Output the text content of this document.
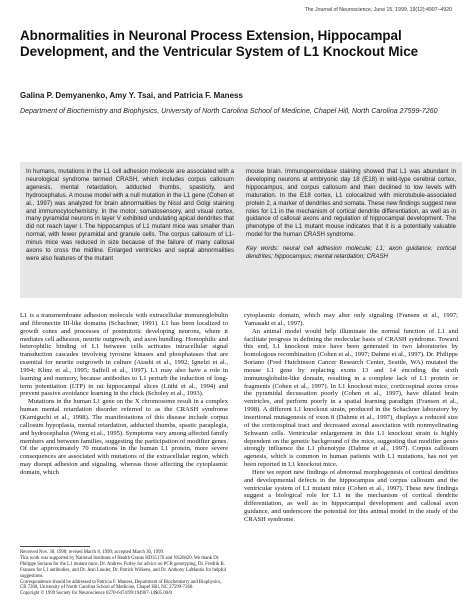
The Journal of Neuroscience, June 15, 1999, 19(12):4907–4920
Abnormalities in Neuronal Process Extension, Hippocampal Development, and the Ventricular System of L1 Knockout Mice
Galina P. Demyanenko, Amy Y. Tsai, and Patricia F. Maness
Department of Biochemistry and Biophysics, University of North Carolina School of Medicine, Chapel Hill, North Carolina 27599-7260
In humans, mutations in the L1 cell adhesion molecule are associated with a neurological syndrome termed CRASH, which includes corpus callosum agenesis, mental retardation, adducted thumbs, spasticity, and hydrocephalus. A mouse model with a null mutation in the L1 gene (Cohen et al., 1997) was analyzed for brain abnormalities by Nissl and Golgi staining and immunocytochemistry. In the motor, somatosensory, and visual cortex, many pyramidal neurons in layer V exhibited undulating apical dendrites that did not reach layer I. The hippocampus of L1 mutant mice was smaller than normal, with fewer pyramidal and granule cells. The corpus callosum of L1-minus mice was reduced in size because of the failure of many callosal axons to cross the midline. Enlarged ventricles and septal abnormalities were also features of the mutant
mouse brain. Immunoperoxidase staining showed that L1 was abundant in developing neurons at embryonic day 18 (E18) in wild-type cerebral cortex, hippocampus, and corpus callosum and then declined to low levels with maturation. In the E18 cortex, L1 colocalized with microtubule-associated protein 2, a marker of dendrites and somata. These new findings suggest new roles for L1 in the mechanism of cortical dendrite differentiation, as well as in guidance of callosal axons and regulation of hippocampal development. The phenotype of the L1 mutant mouse indicates that it is a potentially valuable model for the human CRASH syndrome.
Key words: neural cell adhesion molecule; L1; axon guidance; cortical dendrites; hippocampus; mental retardation; CRASH

L1 is a transmembrane adhesion molecule with extracellular immunoglobulin and fibronectin III-like domains (Schachner, 1991). L1 has been localized to growth cones and processes of postmitotic developing neurons, where it mediates cell adhesion, neurite outgrowth, and axon bundling. Homophilic and heterophilic binding of L1 between cells activates intracellular signal transduction cascades involving tyrosine kinases and phosphatases that are essential for neurite outgrowth in culture (Atashi et al., 1992; Ignelzi et al., 1994; Klinz et al., 1995; Saffell et al., 1997). L1 may also have a role in learning and memory, because antibodies to L1 perturb the induction of long-term potentiation (LTP) in rat hippocampal slices (Lüthi et al., 1994) and prevent passive avoidance learning in the chick (Scholey et al., 1993).

Mutations in the human L1 gene on the X chromosome result in a complex human mental retardation disorder referred to as the CRASH syndrome (Kamiguchi et al., 1998). The manifestations of this disease include corpus callosum hypoplasia, mental retardation, adducted thumbs, spastic paraplegia, and hydrocephalus (Wong et al., 1995). Symptoms vary among affected family members and between families, suggesting the participation of modifier genes. Of the approximately 70 mutations in the human L1 protein, more severe consequences are associated with mutations of the extracellular region, which may disrupt adhesion and signaling, whereas those affecting the cytoplasmic domain, which

cytoplasmic domain, which may alter only signaling (Fransen et al., 1997; Yamasaki et al., 1997).

An animal model would help illuminate the normal function of L1 and facilitate progress in defining the molecular basis of CRASH syndrome. Toward this end, L1 knockout mice have been generated in two laboratories by homologous recombination (Cohen et al., 1997; Dahme et al., 1997). Dr. Philippe Soriano (Fred Hutchinson Cancer Research Center, Seattle, WA) mutated the mouse L1 gene by replacing exons 13 and 14 encoding the sixth immunoglobulin-like domain, resulting in a complete lack of L1 protein or fragments (Cohen et al., 1997). In L1 knockout mice, corticospinal axons cross the pyramidal decussation poorly (Cohen et al., 1997), have dilated brain ventricles, and perform poorly in a spatial learning paradigm (Fransen et al., 1998). A different L1 knockout strain, produced in the Schachner laboratory by insertional mutagenesis of exon 8 (Dahme et al., 1997), displays a reduced size of the corticospinal tract and decreased axonal association with nonmyelinating Schwann cells. Ventricular enlargement in this L1 knockout strain is highly dependent on the genetic background of the mice, suggesting that modifier genes strongly influence the L1 phenotype (Dahme et al., 1997). Corpus callosum agenesis, which is common in human patients with L1 mutations, has not yet been reported in L1 knockout mice.

Here we report new findings of abnormal morphogenesis of cortical dendrites and developmental defects in the hippocampus and corpus callosum and the ventricular system of L1 mutant mice (Cohen et al., 1997). These new findings suggest a biological role for L1 in the mechanism of cortical dendrite differentiation, as well as in hippocampal development and callosal axon guidance, and underscore the potential for this animal model in the study of the CRASH syndrome.

Received Nov. 30, 1998; revised March 8, 1999; accepted March 30, 1999.
This work was supported by National Institutes of Health Grants HD35170 and NS26820. We thank Dr. Philippe Soriano for the L1 mutant mice, Dr. Andrew Furley for advice on PCR genotyping, Dr. Fredrik B. Fransen for L1 antibodies, and Dr. Jean Lauder, Dr. Patrick Wilkens, and Dr. Anthony LaMantia for helpful suggestions.
Correspondence should be addressed to Patricia F. Maness, Department of Biochemistry and Biophysics, CB 7260, University of North Carolina School of Medicine, Chapel Hill, NC 27599-7260.
Copyright © 1999 Society for Neuroscience 0270-6474/99/194907-14$05.00/0
